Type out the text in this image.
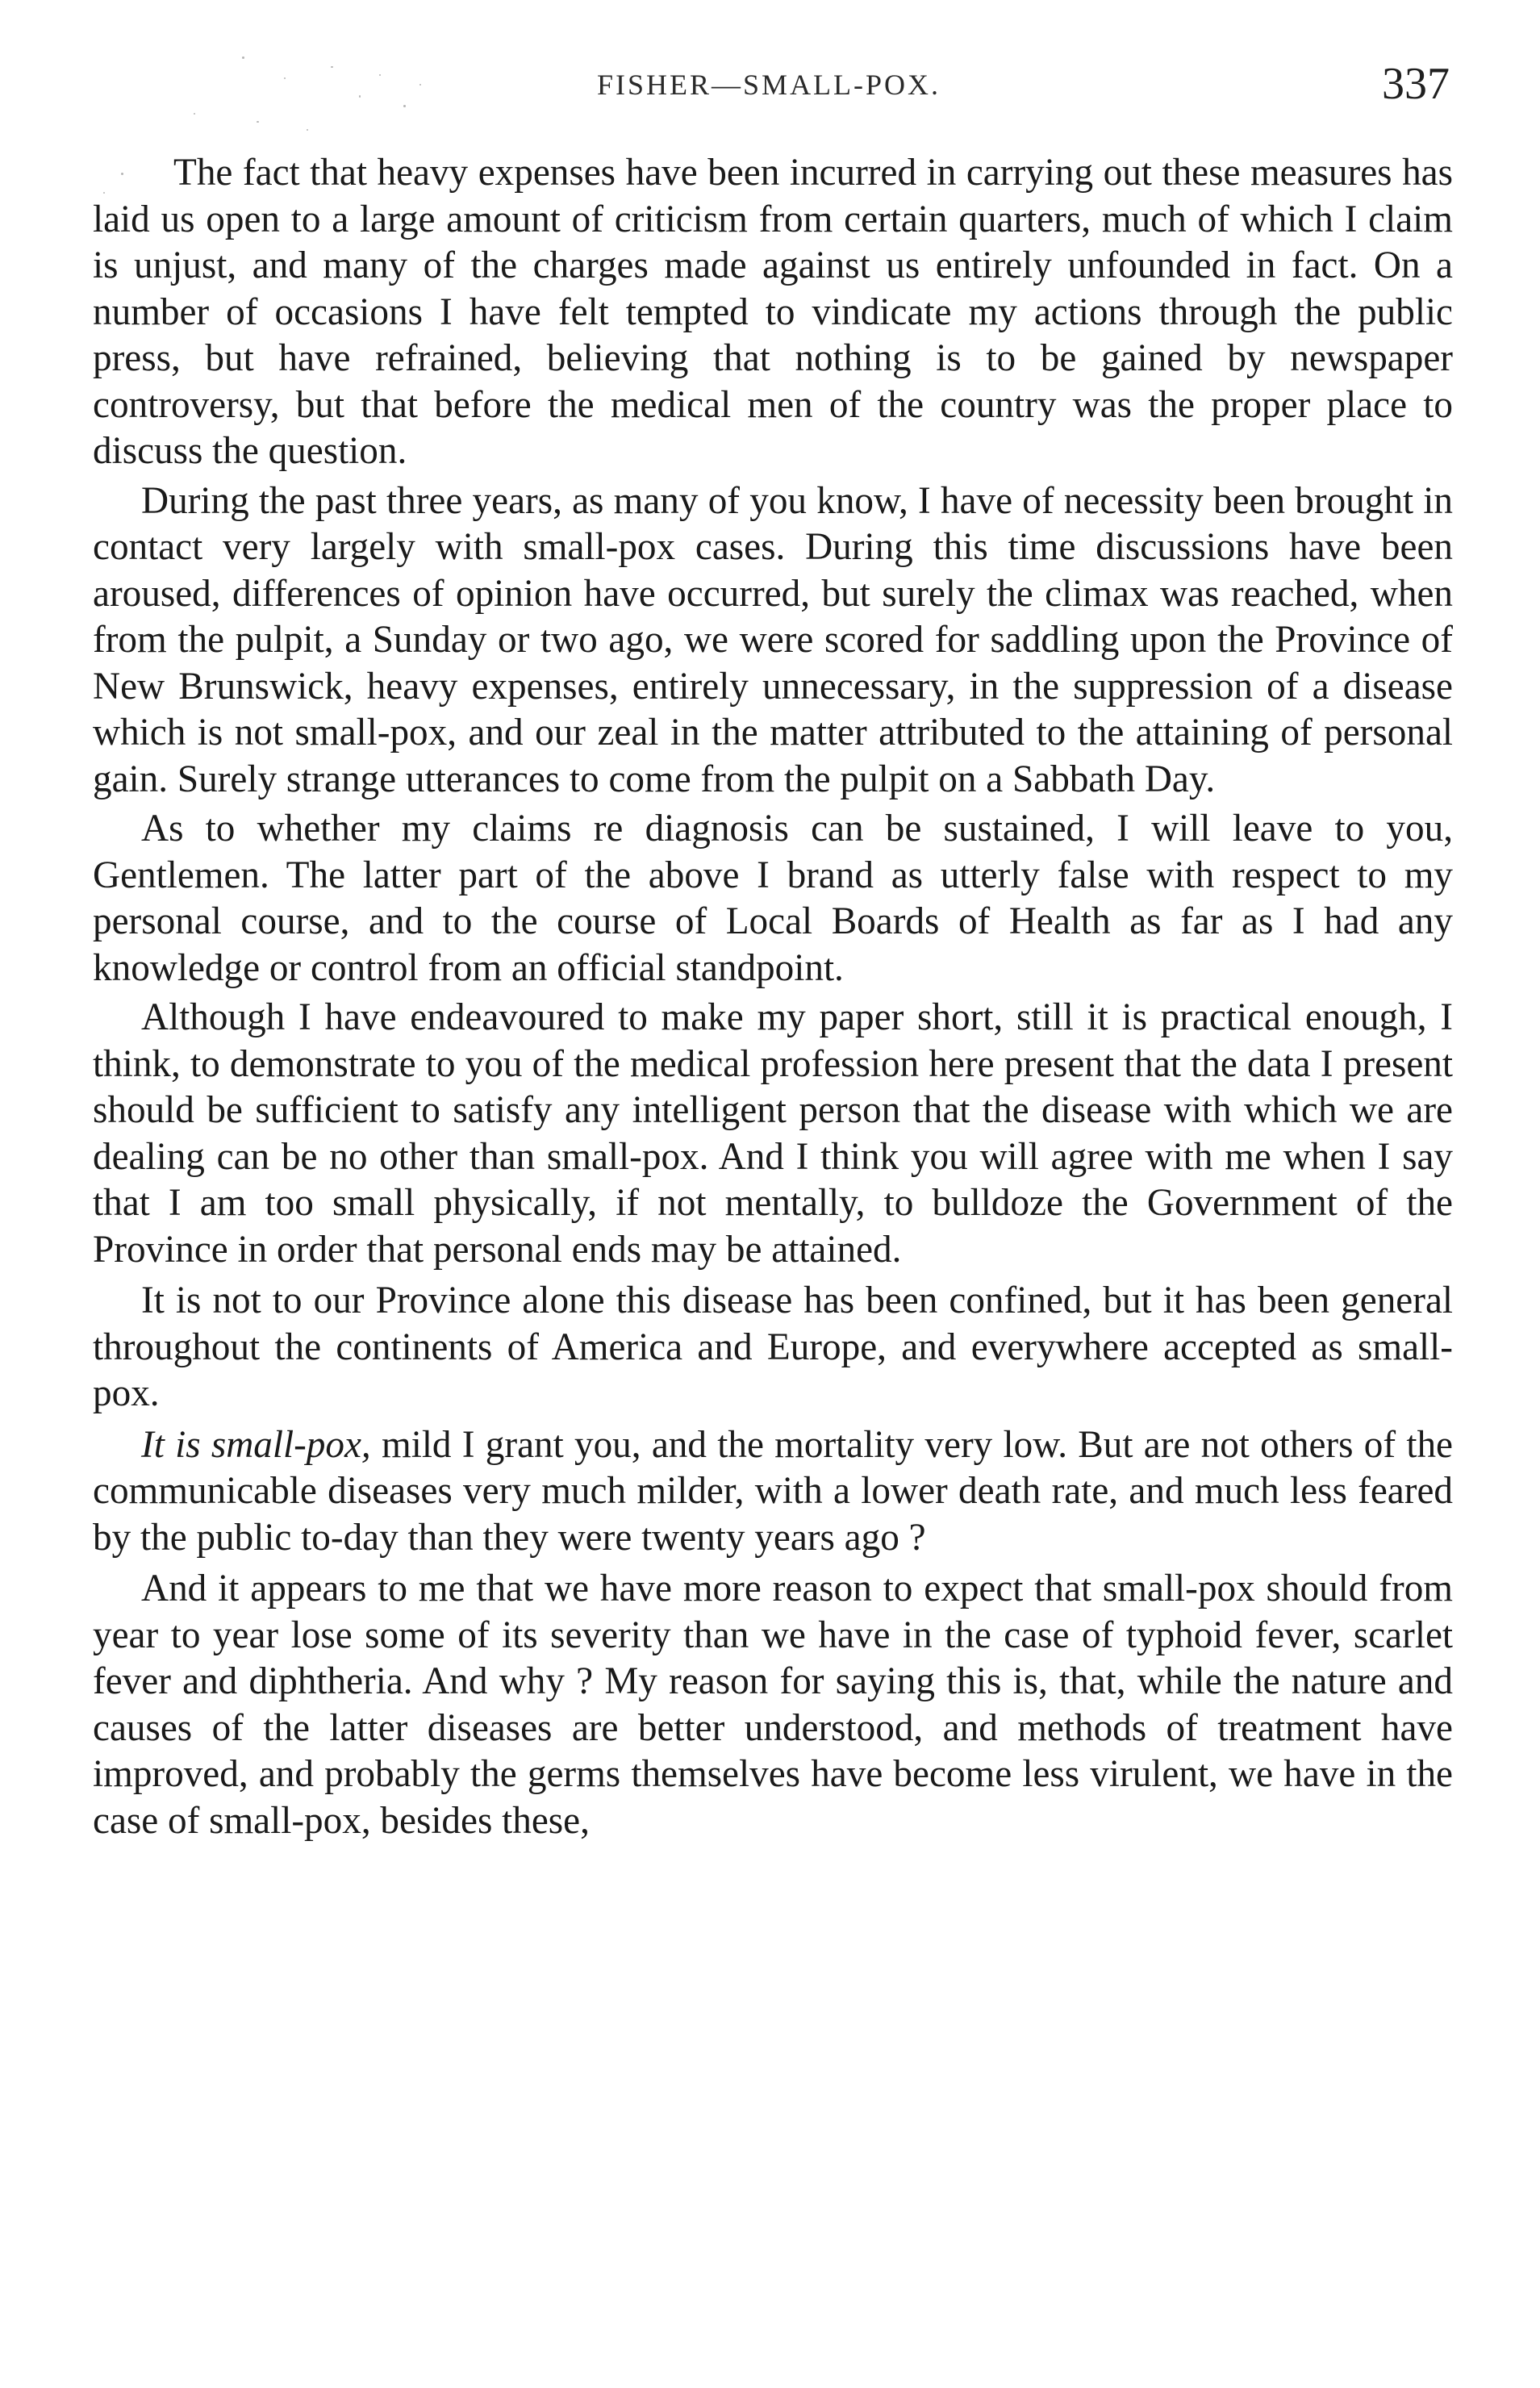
FISHER—SMALL-POX.	337

The fact that heavy expenses have been incurred in carrying out these measures has laid us open to a large amount of criticism from certain quarters, much of which I claim is unjust, and many of the charges made against us entirely unfounded in fact. On a number of occasions I have felt tempted to vindicate my actions through the public press, but have refrained, believing that nothing is to be gained by newspaper controversy, but that before the medical men of the country was the proper place to discuss the question.

During the past three years, as many of you know, I have of necessity been brought in contact very largely with small-pox cases. During this time discussions have been aroused, differences of opinion have occurred, but surely the climax was reached, when from the pulpit, a Sunday or two ago, we were scored for saddling upon the Province of New Brunswick, heavy expenses, entirely unnecessary, in the suppression of a disease which is not small-pox, and our zeal in the matter attributed to the attaining of personal gain. Surely strange utterances to come from the pulpit on a Sabbath Day.

As to whether my claims re diagnosis can be sustained, I will leave to you, Gentlemen. The latter part of the above I brand as utterly false with respect to my personal course, and to the course of Local Boards of Health as far as I had any knowledge or control from an official standpoint.

Although I have endeavoured to make my paper short, still it is practical enough, I think, to demonstrate to you of the medical profession here present that the data I present should be sufficient to satisfy any intelligent person that the disease with which we are dealing can be no other than small-pox. And I think you will agree with me when I say that I am too small physically, if not mentally, to bulldoze the Government of the Province in order that personal ends may be attained.

It is not to our Province alone this disease has been confined, but it has been general throughout the continents of America and Europe, and everywhere accepted as small-pox.

It is small-pox, mild I grant you, and the mortality very low. But are not others of the communicable diseases very much milder, with a lower death rate, and much less feared by the public to-day than they were twenty years ago ?

And it appears to me that we have more reason to expect that small-pox should from year to year lose some of its severity than we have in the case of typhoid fever, scarlet fever and diphtheria. And why ? My reason for saying this is, that, while the nature and causes of the latter diseases are better understood, and methods of treatment have improved, and probably the germs themselves have become less virulent, we have in the case of small-pox, besides these,
